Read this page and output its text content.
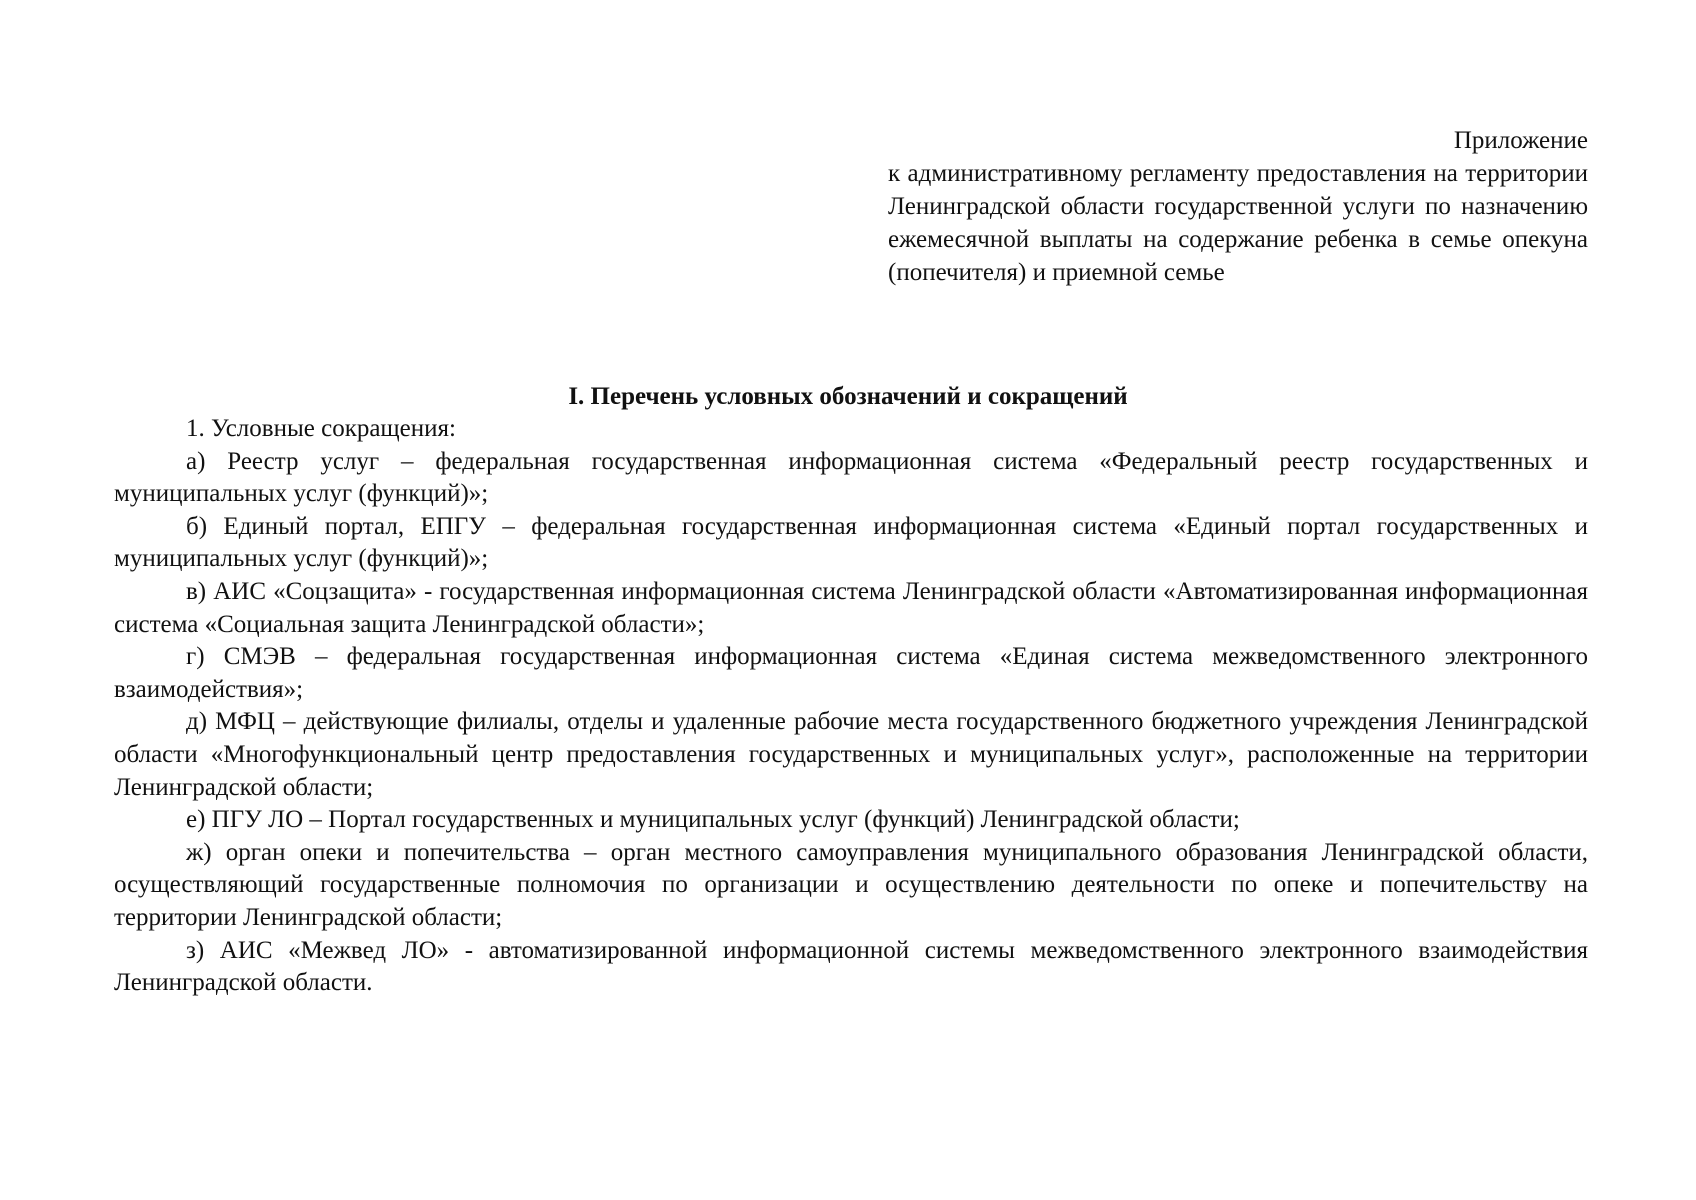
Приложение
к административному регламенту предоставления на территории Ленинградской области государственной услуги по назначению ежемесячной выплаты на содержание ребенка в семье опекуна (попечителя) и приемной семье
I. Перечень условных обозначений и сокращений

1. Условные сокращения:

а) Реестр услуг – федеральная государственная информационная система «Федеральный реестр государственных и муниципальных услуг (функций)»;

б) Единый портал, ЕПГУ – федеральная государственная информационная система «Единый портал государственных и муниципальных услуг (функций)»;

в) АИС «Соцзащита» - государственная информационная система Ленинградской области «Автоматизированная информационная система «Социальная защита Ленинградской области»;

г) СМЭВ – федеральная государственная информационная система «Единая система межведомственного электронного взаимодействия»;

д) МФЦ – действующие филиалы, отделы и удаленные рабочие места государственного бюджетного учреждения Ленинградской области «Многофункциональный центр предоставления государственных и муниципальных услуг», расположенные на территории Ленинградской области;

е) ПГУ ЛО – Портал государственных и муниципальных услуг (функций) Ленинградской области;

ж) орган опеки и попечительства – орган местного самоуправления муниципального образования Ленинградской области, осуществляющий государственные полномочия по организации и осуществлению деятельности по опеке и попечительству на территории Ленинградской области;

з) АИС «Межвед ЛО» - автоматизированной информационной системы межведомственного электронного взаимодействия Ленинградской области.
